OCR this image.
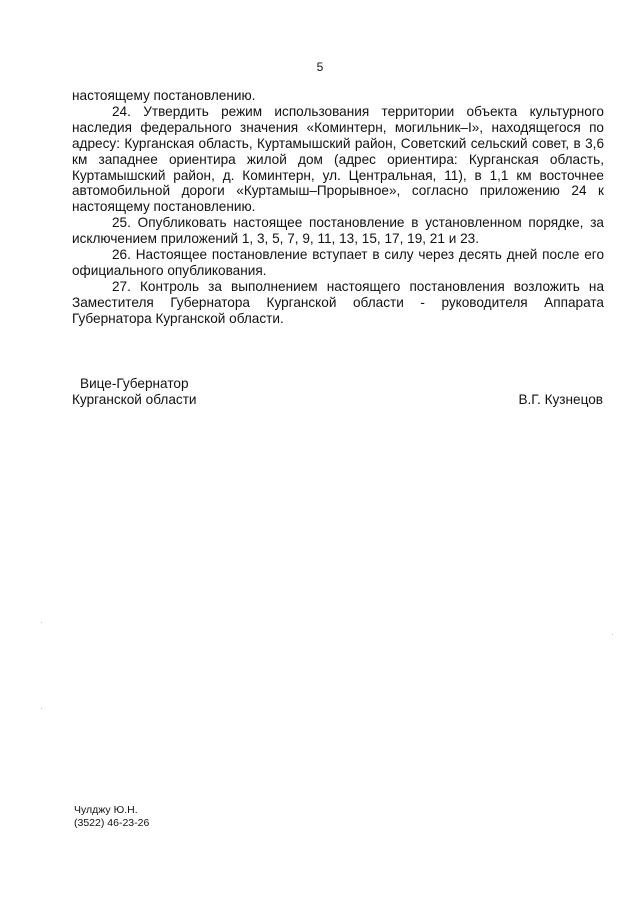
5

настоящему постановлению.

24. Утвердить режим использования территории объекта культурного наследия федерального значения «Коминтерн, могильник–I», находящегося по адресу: Курганская область, Куртамышский район, Советский сельский совет, в 3,6 км западнее ориентира жилой дом (адрес ориентира: Курганская область, Куртамышский район, д. Коминтерн, ул. Центральная, 11), в 1,1 км восточнее автомобильной дороги «Куртамыш–Прорывное», согласно приложению 24 к настоящему постановлению.

25. Опубликовать настоящее постановление в установленном порядке, за исключением приложений 1, 3, 5, 7, 9, 11, 13, 15, 17, 19, 21 и 23.

26. Настоящее постановление вступает в силу через десять дней после его официального опубликования.

27. Контроль за выполнением настоящего постановления возложить на Заместителя Губернатора Курганской области - руководителя Аппарата Губернатора Курганской области.

Вице-Губернатор
Курганской области	В.Г. Кузнецов
Чулджу Ю.Н.
(3522) 46-23-26
